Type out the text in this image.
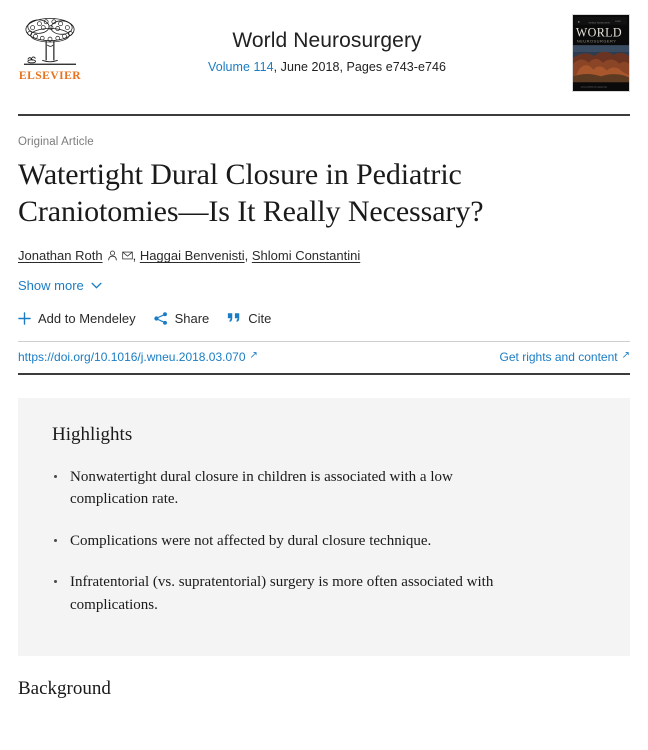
ELSEVIER
World Neurosurgery
Volume 114, June 2018, Pages e743-e746
E	ISSN
WORLD FEDERATION
WORLD
NEUROSURGERY
www.worldneurosurgery.org
Original Article
Watertight Dural Closure in Pediatric Craniotomies—Is It Really Necessary?
Jonathan Roth , Haggai Benvenisti, Shlomi Constantini
Show more
Add to Mendeley	Share	Cite
https://doi.org/10.1016/j.wneu.2018.03.070 ↗	Get rights and content ↗
Highlights
Nonwatertight dural closure in children is associated with a low complication rate.
Complications were not affected by dural closure technique.
Infratentorial (vs. supratentorial) surgery is more often associated with complications.
Background
